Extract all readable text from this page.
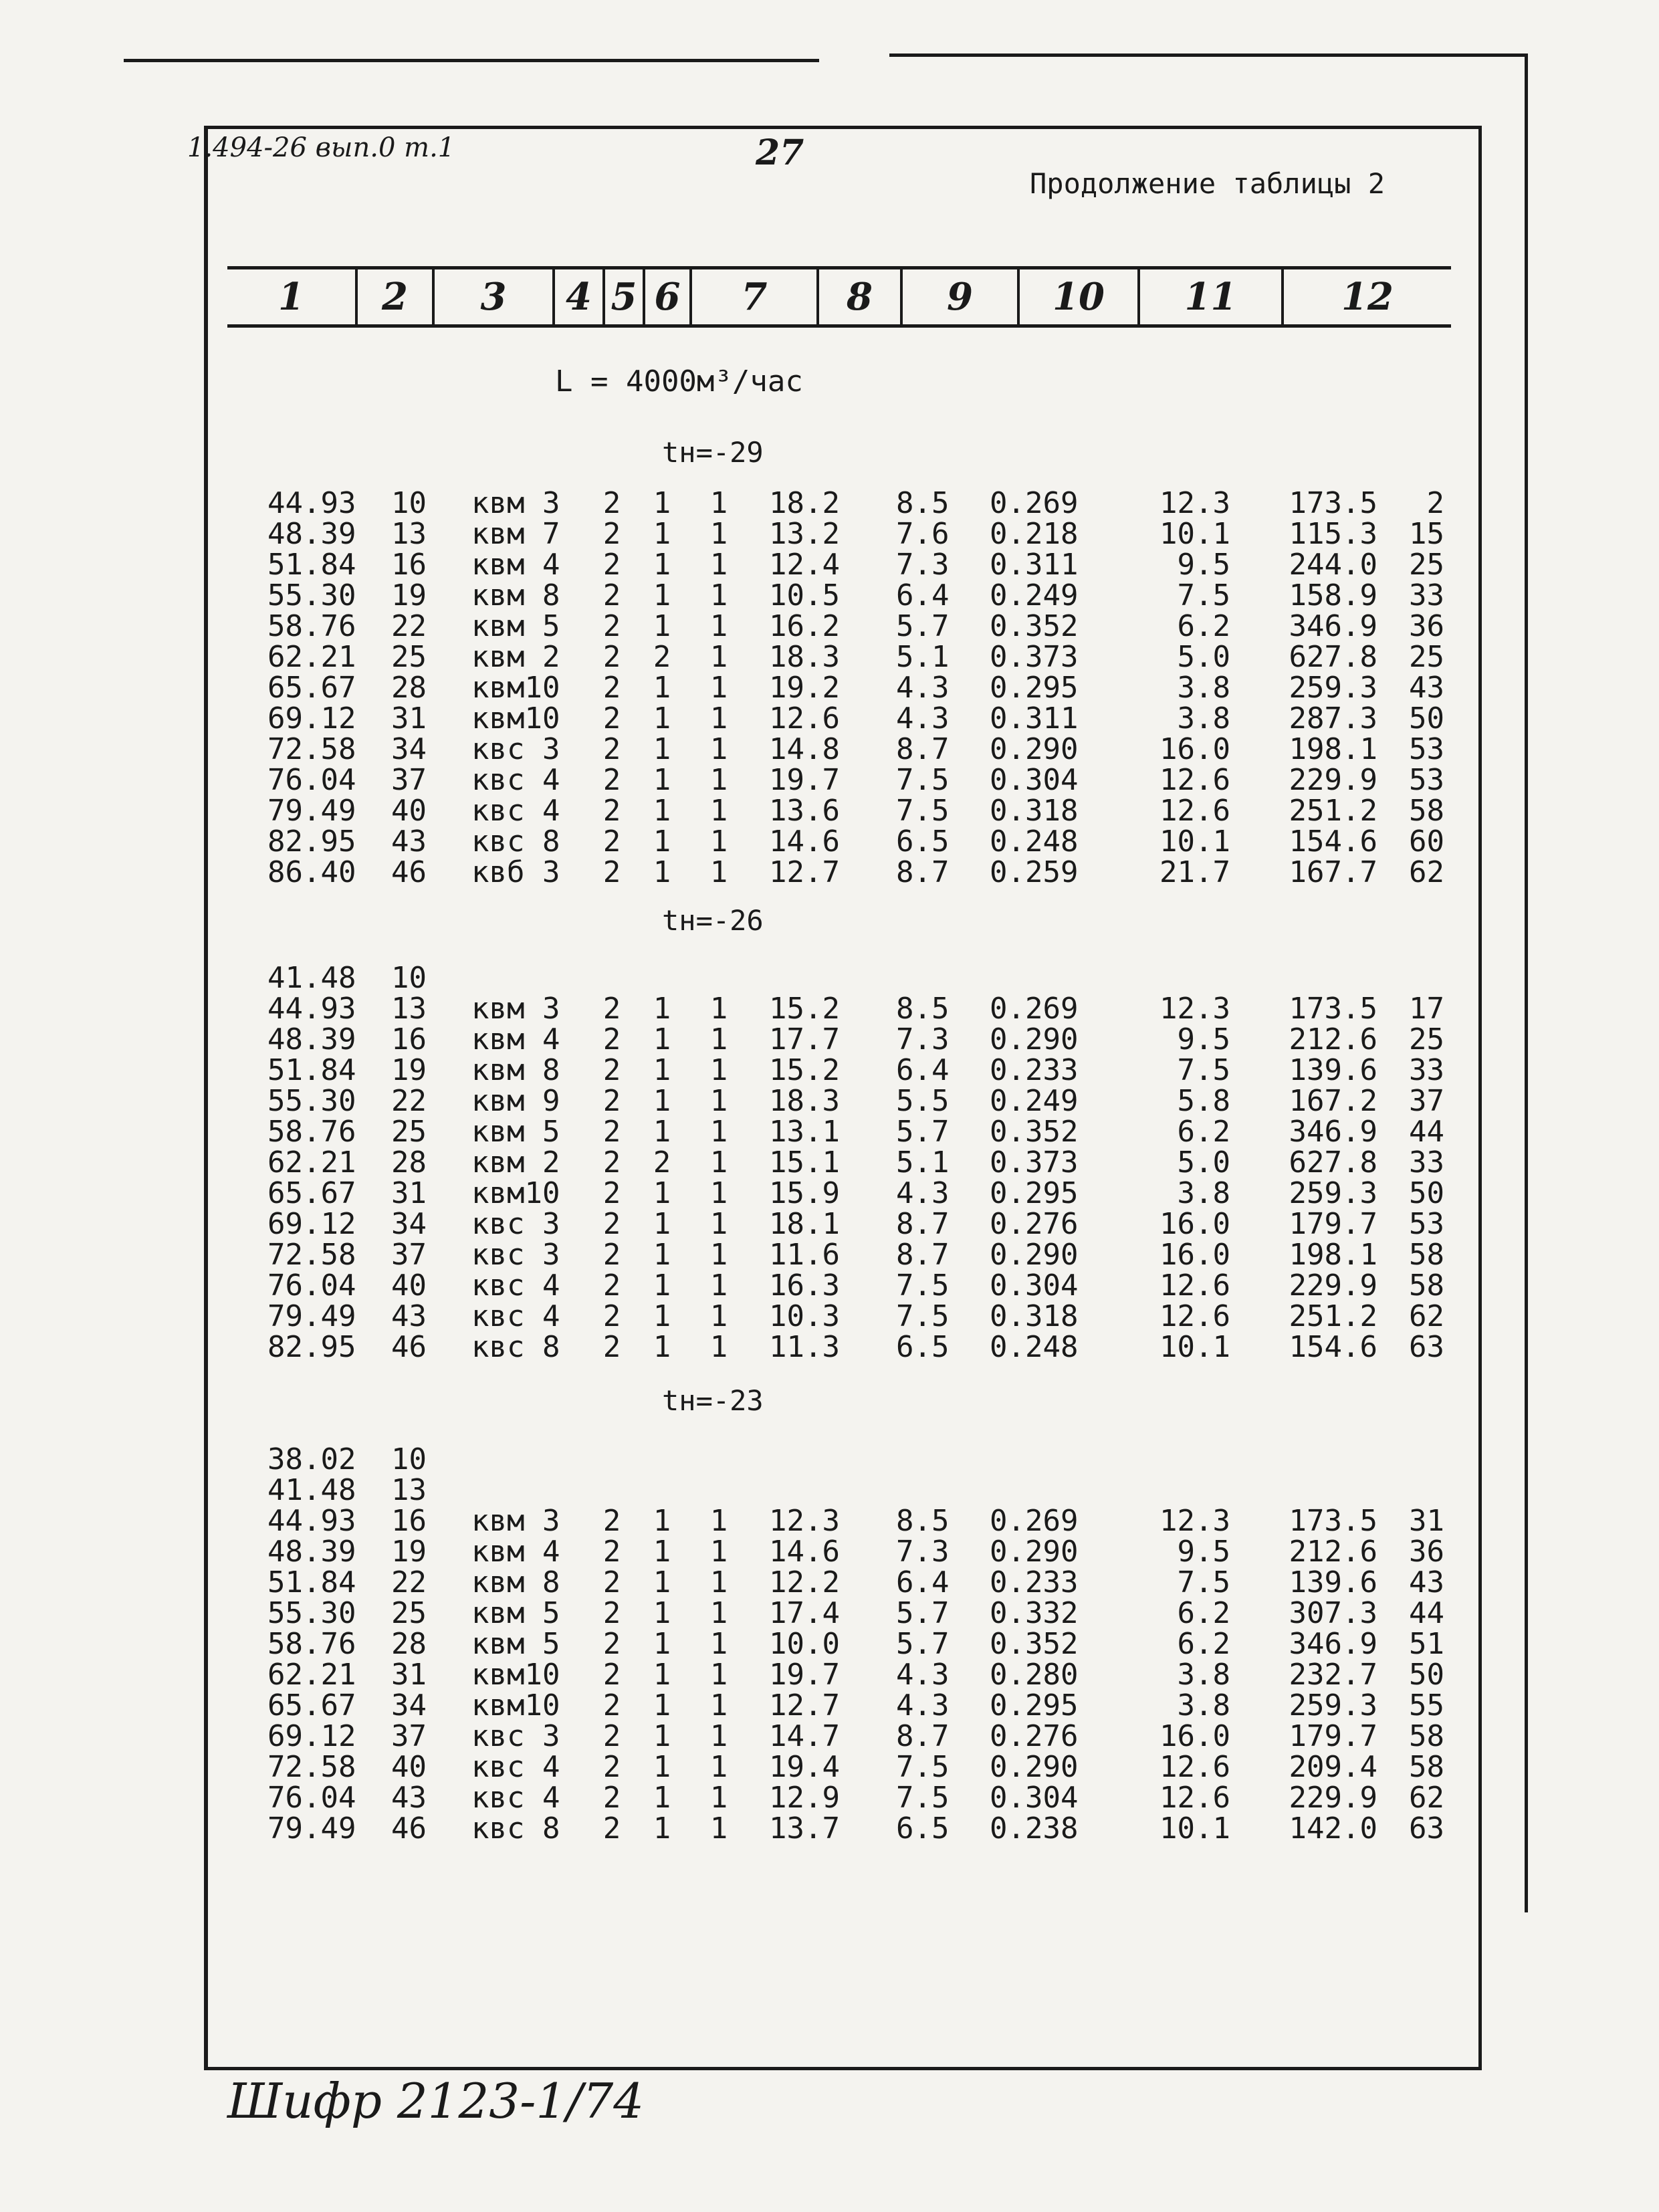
1.494-26 вып.0 т.1	27
Продолжение таблицы 2
1	2	3	4 5 6	7	8	9	10	11	12
L = 4000м³/час
tн=-29
44.93	10	квм 3	2 1 1 18.2	8.5	0.269	12.3	173.5	2
48.39	13	квм 7	2 1 1 13.2	7.6	0.218	10.1	115.3	15
51.84	16	квм 4	2 1 1 12.4	7.3	0.311	9.5	244.0	25
55.30	19	квм 8	2 1 1 10.5	6.4	0.249	7.5	158.9	33
58.76	22	квм 5	2 1 1 16.2	5.7	0.352	6.2	346.9	36
62.21	25	квм 2	2 2 1 18.3	5.1	0.373	5.0	627.8	25
65.67	28	квм10	2 1 1 19.2	4.3	0.295	3.8	259.3	43
69.12	31	квм10	2 1 1 12.6	4.3	0.311	3.8	287.3	50
72.58	34	квс 3	2 1 1 14.8	8.7	0.290	16.0	198.1	53
76.04	37	квс 4	2 1 1 19.7	7.5	0.304	12.6	229.9	53
79.49	40	квс 4	2 1 1 13.6	7.5	0.318	12.6	251.2	58
82.95	43	квс 8	2 1 1 14.6	6.5	0.248	10.1	154.6	60
86.40	46	квб 3	2 1 1 12.7	8.7	0.259	21.7	167.7	62
tн=-26
41.48	10
44.93	13	квм 3	2 1 1 15.2	8.5	0.269	12.3	173.5	17
48.39	16	квм 4	2 1 1 17.7	7.3	0.290	9.5	212.6	25
51.84	19	квм 8	2 1 1 15.2	6.4	0.233	7.5	139.6	33
55.30	22	квм 9	2 1 1 18.3	5.5	0.249	5.8	167.2	37
58.76	25	квм 5	2 1 1 13.1	5.7	0.352	6.2	346.9	44
62.21	28	квм 2	2 2 1 15.1	5.1	0.373	5.0	627.8	33
65.67	31	квм10	2 1 1 15.9	4.3	0.295	3.8	259.3	50
69.12	34	квс 3	2 1 1 18.1	8.7	0.276	16.0	179.7	53
72.58	37	квс 3	2 1 1 11.6	8.7	0.290	16.0	198.1	58
76.04	40	квс 4	2 1 1 16.3	7.5	0.304	12.6	229.9	58
79.49	43	квс 4	2 1 1 10.3	7.5	0.318	12.6	251.2	62
82.95	46	квс 8	2 1 1 11.3	6.5	0.248	10.1	154.6	63
tн=-23
38.02	10
41.48	13
44.93	16	квм 3	2 1 1 12.3	8.5	0.269	12.3	173.5	31
48.39	19	квм 4	2 1 1 14.6	7.3	0.290	9.5	212.6	36
51.84	22	квм 8	2 1 1 12.2	6.4	0.233	7.5	139.6	43
55.30	25	квм 5	2 1 1 17.4	5.7	0.332	6.2	307.3	44
58.76	28	квм 5	2 1 1 10.0	5.7	0.352	6.2	346.9	51
62.21	31	квм10	2 1 1 19.7	4.3	0.280	3.8	232.7	50
65.67	34	квм10	2 1 1 12.7	4.3	0.295	3.8	259.3	55
69.12	37	квс 3	2 1 1 14.7	8.7	0.276	16.0	179.7	58
72.58	40	квс 4	2 1 1 19.4	7.5	0.290	12.6	209.4	58
76.04	43	квс 4	2 1 1 12.9	7.5	0.304	12.6	229.9	62
79.49	46	квс 8	2 1 1 13.7	6.5	0.238	10.1	142.0	63
Шифр 2123-1/74
